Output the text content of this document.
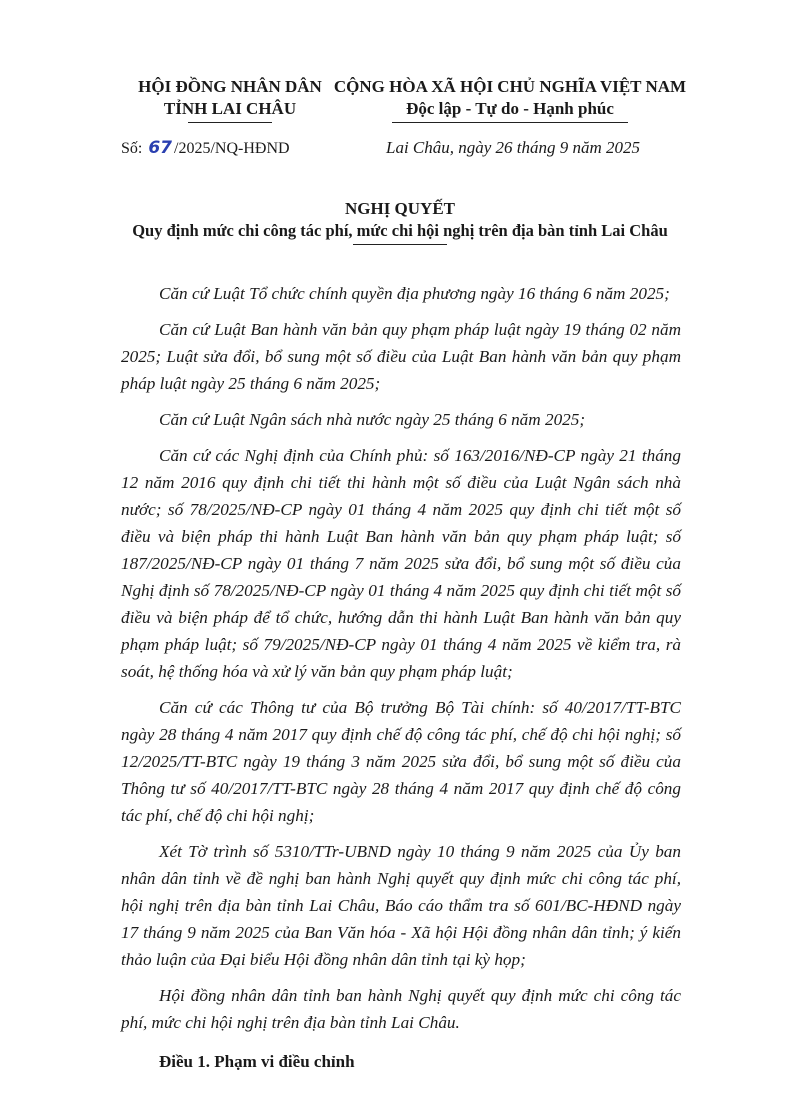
HỘI ĐỒNG NHÂN DÂN
TỈNH LAI CHÂU
CỘNG HÒA XÃ HỘI CHỦ NGHĨA VIỆT NAM
Độc lập - Tự do - Hạnh phúc
Số: 67 /2025/NQ-HĐND	Lai Châu, ngày 26 tháng 9 năm 2025
NGHỊ QUYẾT
Quy định mức chi công tác phí, mức chi hội nghị trên địa bàn tỉnh Lai Châu

Căn cứ Luật Tổ chức chính quyền địa phương ngày 16 tháng 6 năm 2025;

Căn cứ Luật Ban hành văn bản quy phạm pháp luật ngày 19 tháng 02 năm 2025; Luật sửa đổi, bổ sung một số điều của Luật Ban hành văn bản quy phạm pháp luật ngày 25 tháng 6 năm 2025;

Căn cứ Luật Ngân sách nhà nước ngày 25 tháng 6 năm 2025;

Căn cứ các Nghị định của Chính phủ: số 163/2016/NĐ-CP ngày 21 tháng 12 năm 2016 quy định chi tiết thi hành một số điều của Luật Ngân sách nhà nước; số 78/2025/NĐ-CP ngày 01 tháng 4 năm 2025 quy định chi tiết một số điều và biện pháp thi hành Luật Ban hành văn bản quy phạm pháp luật; số 187/2025/NĐ-CP ngày 01 tháng 7 năm 2025 sửa đổi, bổ sung một số điều của Nghị định số 78/2025/NĐ-CP ngày 01 tháng 4 năm 2025 quy định chi tiết một số điều và biện pháp để tổ chức, hướng dẫn thi hành Luật Ban hành văn bản quy phạm pháp luật; số 79/2025/NĐ-CP ngày 01 tháng 4 năm 2025 về kiểm tra, rà soát, hệ thống hóa và xử lý văn bản quy phạm pháp luật;

Căn cứ các Thông tư của Bộ trưởng Bộ Tài chính: số 40/2017/TT-BTC ngày 28 tháng 4 năm 2017 quy định chế độ công tác phí, chế độ chi hội nghị; số 12/2025/TT-BTC ngày 19 tháng 3 năm 2025 sửa đổi, bổ sung một số điều của Thông tư số 40/2017/TT-BTC ngày 28 tháng 4 năm 2017 quy định chế độ công tác phí, chế độ chi hội nghị;

Xét Tờ trình số 5310/TTr-UBND ngày 10 tháng 9 năm 2025 của Ủy ban nhân dân tỉnh về đề nghị ban hành Nghị quyết quy định mức chi công tác phí, hội nghị trên địa bàn tỉnh Lai Châu, Báo cáo thẩm tra số 601/BC-HĐND ngày 17 tháng 9 năm 2025 của Ban Văn hóa - Xã hội Hội đồng nhân dân tỉnh; ý kiến thảo luận của Đại biểu Hội đồng nhân dân tỉnh tại kỳ họp;

Hội đồng nhân dân tỉnh ban hành Nghị quyết quy định mức chi công tác phí, mức chi hội nghị trên địa bàn tỉnh Lai Châu.

Điều 1. Phạm vi điều chỉnh
